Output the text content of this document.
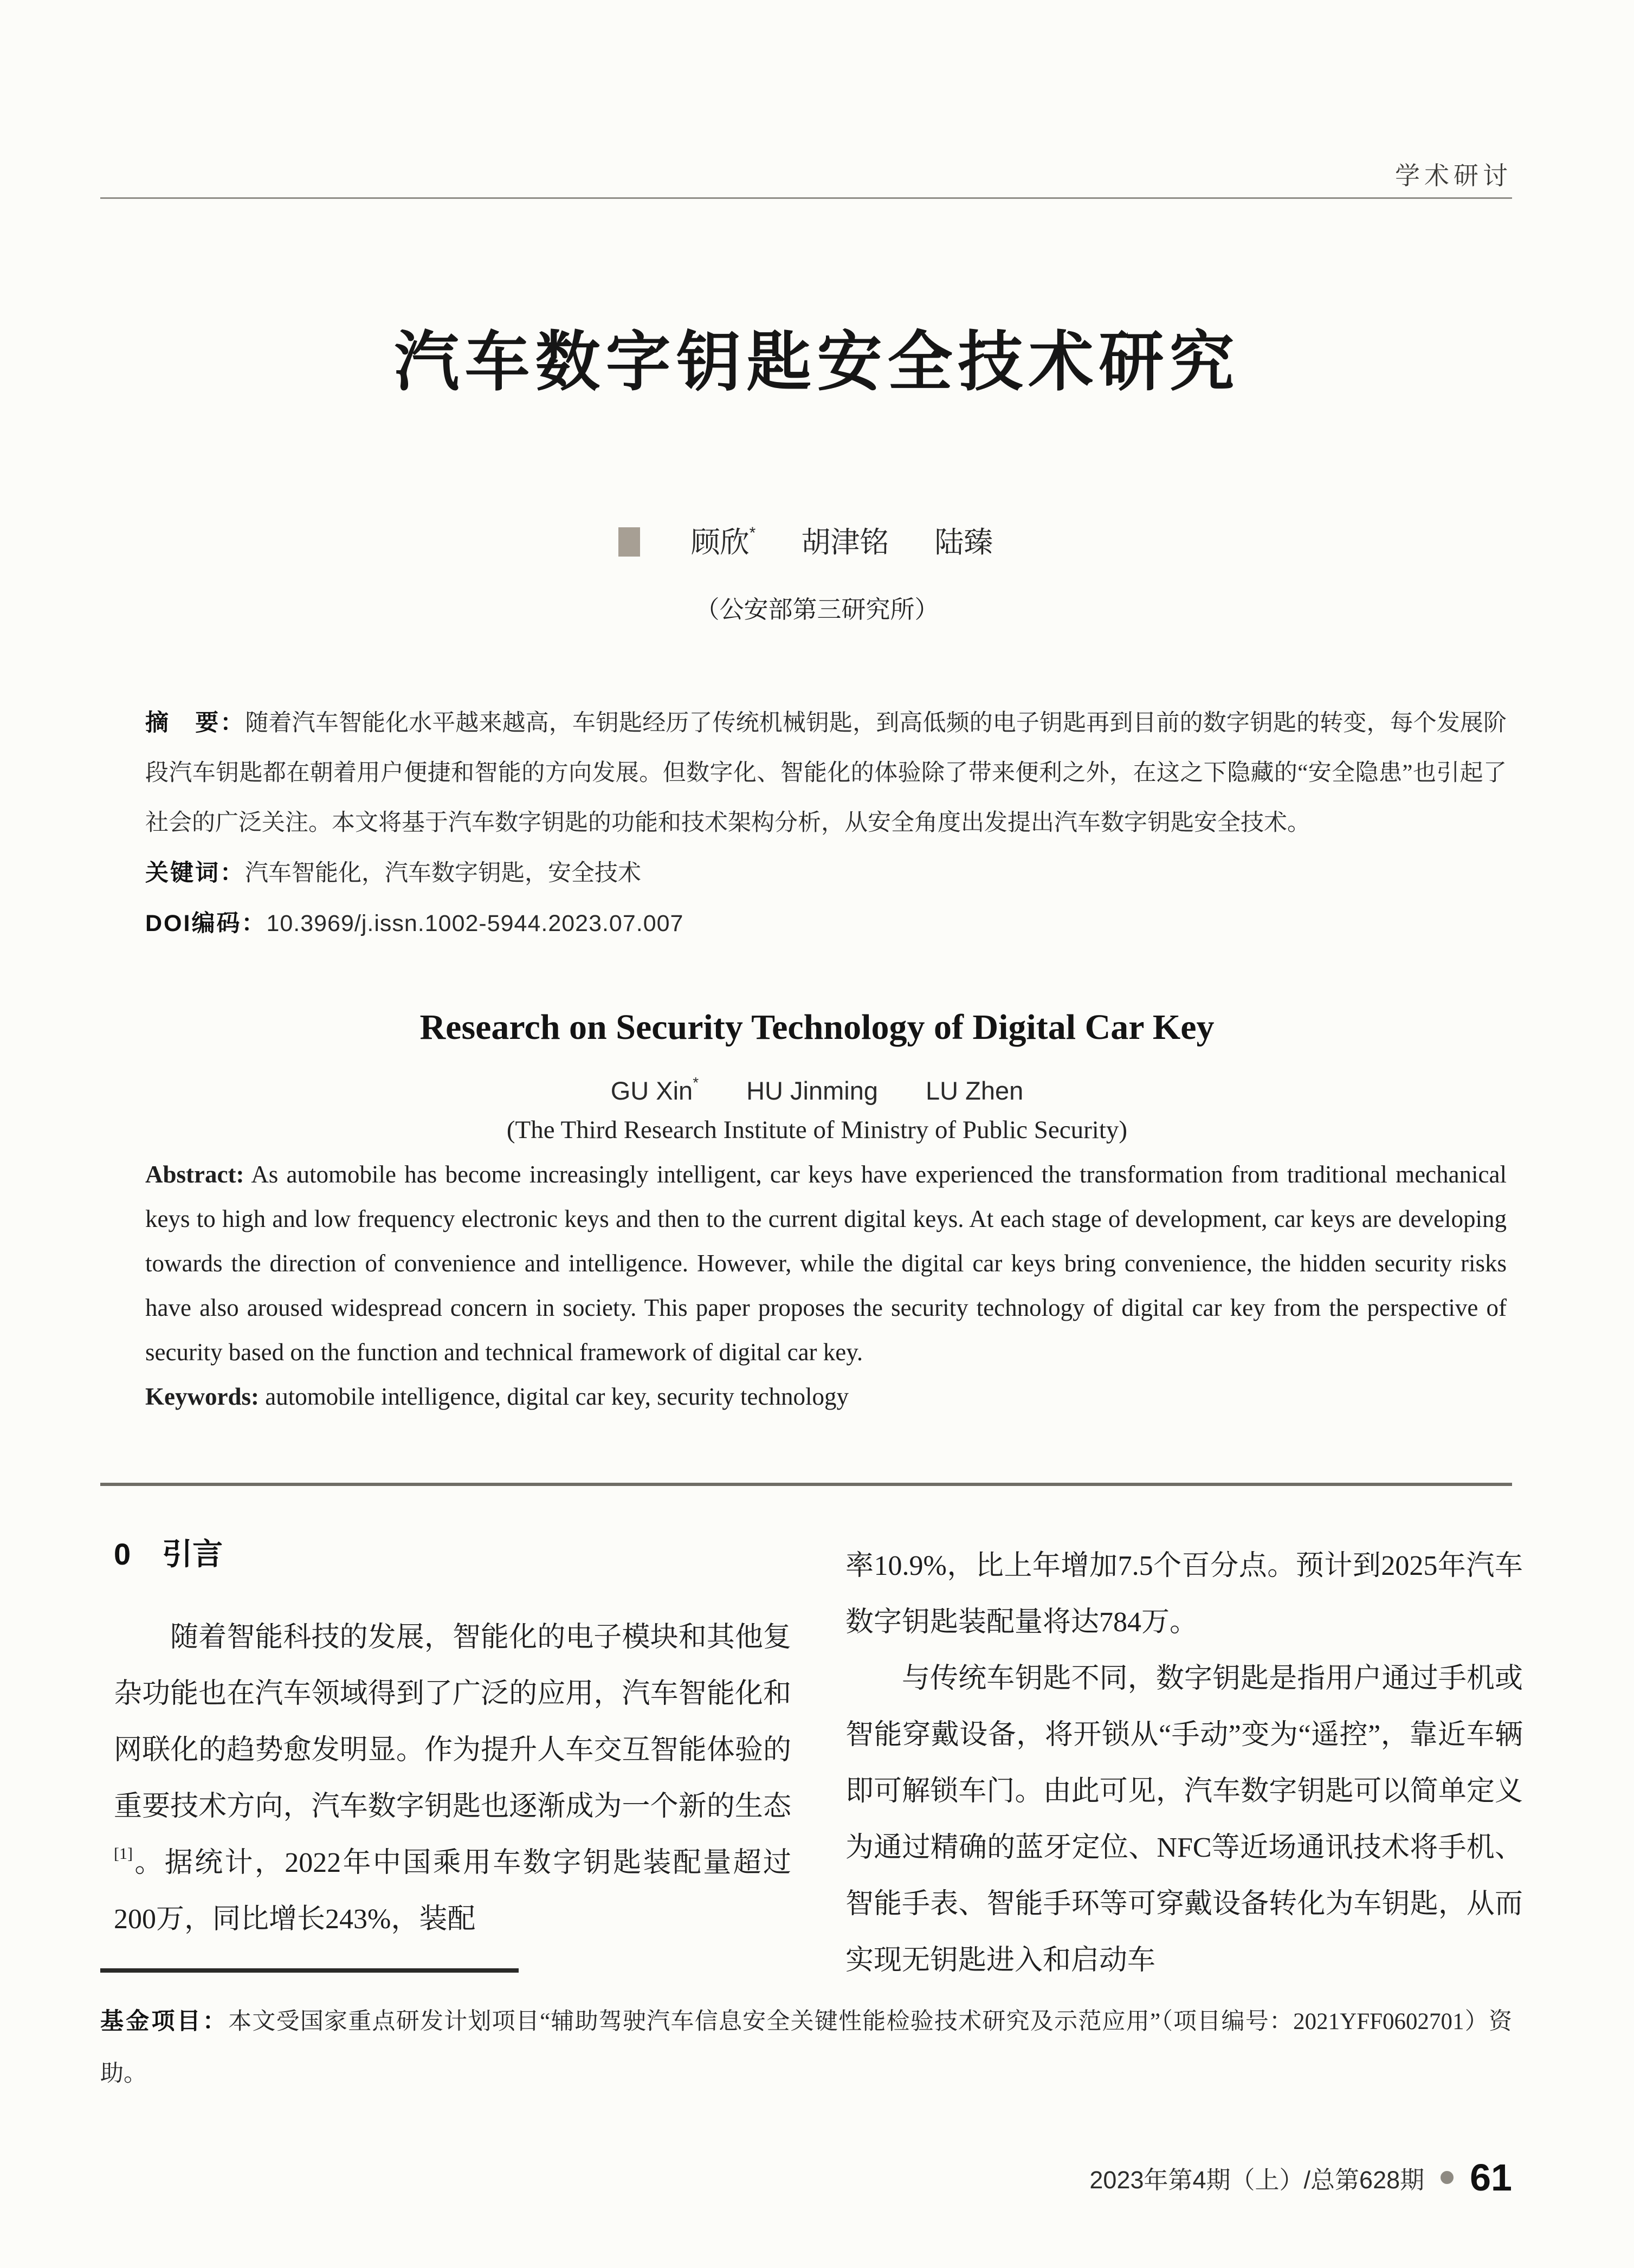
学术研讨
汽车数字钥匙安全技术研究
顾欣* 胡津铭 陆臻
（公安部第三研究所）

摘　要：随着汽车智能化水平越来越高，车钥匙经历了传统机械钥匙，到高低频的电子钥匙再到目前的数字钥匙的转变，每个发展阶段汽车钥匙都在朝着用户便捷和智能的方向发展。但数字化、智能化的体验除了带来便利之外，在这之下隐藏的“安全隐患”也引起了社会的广泛关注。本文将基于汽车数字钥匙的功能和技术架构分析，从安全角度出发提出汽车数字钥匙安全技术。

关键词：汽车智能化，汽车数字钥匙，安全技术

DOI编码：10.3969/j.issn.1002-5944.2023.07.007

Research on Security Technology of Digital Car Key
GU Xin* HU Jinming LU Zhen
(The Third Research Institute of Ministry of Public Security)

Abstract: As automobile has become increasingly intelligent, car keys have experienced the transformation from traditional mechanical keys to high and low frequency electronic keys and then to the current digital keys. At each stage of development, car keys are developing towards the direction of convenience and intelligence. However, while the digital car keys bring convenience, the hidden security risks have also aroused widespread concern in society. This paper proposes the security technology of digital car key from the perspective of security based on the function and technical framework of digital car key.

Keywords: automobile intelligence, digital car key, security technology

0 引言

随着智能科技的发展，智能化的电子模块和其他复杂功能也在汽车领域得到了广泛的应用，汽车智能化和网联化的趋势愈发明显。作为提升人车交互智能体验的重要技术方向，汽车数字钥匙也逐渐成为一个新的生态[1]。据统计，2022年中国乘用车数字钥匙装配量超过200万，同比增长243%，装配

率10.9%，比上年增加7.5个百分点。预计到2025年汽车数字钥匙装配量将达784万。

与传统车钥匙不同，数字钥匙是指用户通过手机或智能穿戴设备，将开锁从“手动”变为“遥控”，靠近车辆即可解锁车门。由此可见，汽车数字钥匙可以简单定义为通过精确的蓝牙定位、NFC等近场通讯技术将手机、智能手表、智能手环等可穿戴设备转化为车钥匙，从而实现无钥匙进入和启动车

基金项目：本文受国家重点研发计划项目“辅助驾驶汽车信息安全关键性能检验技术研究及示范应用”（项目编号：2021YFF0602701）资助。

2023年第4期（上）/总第628期 61
